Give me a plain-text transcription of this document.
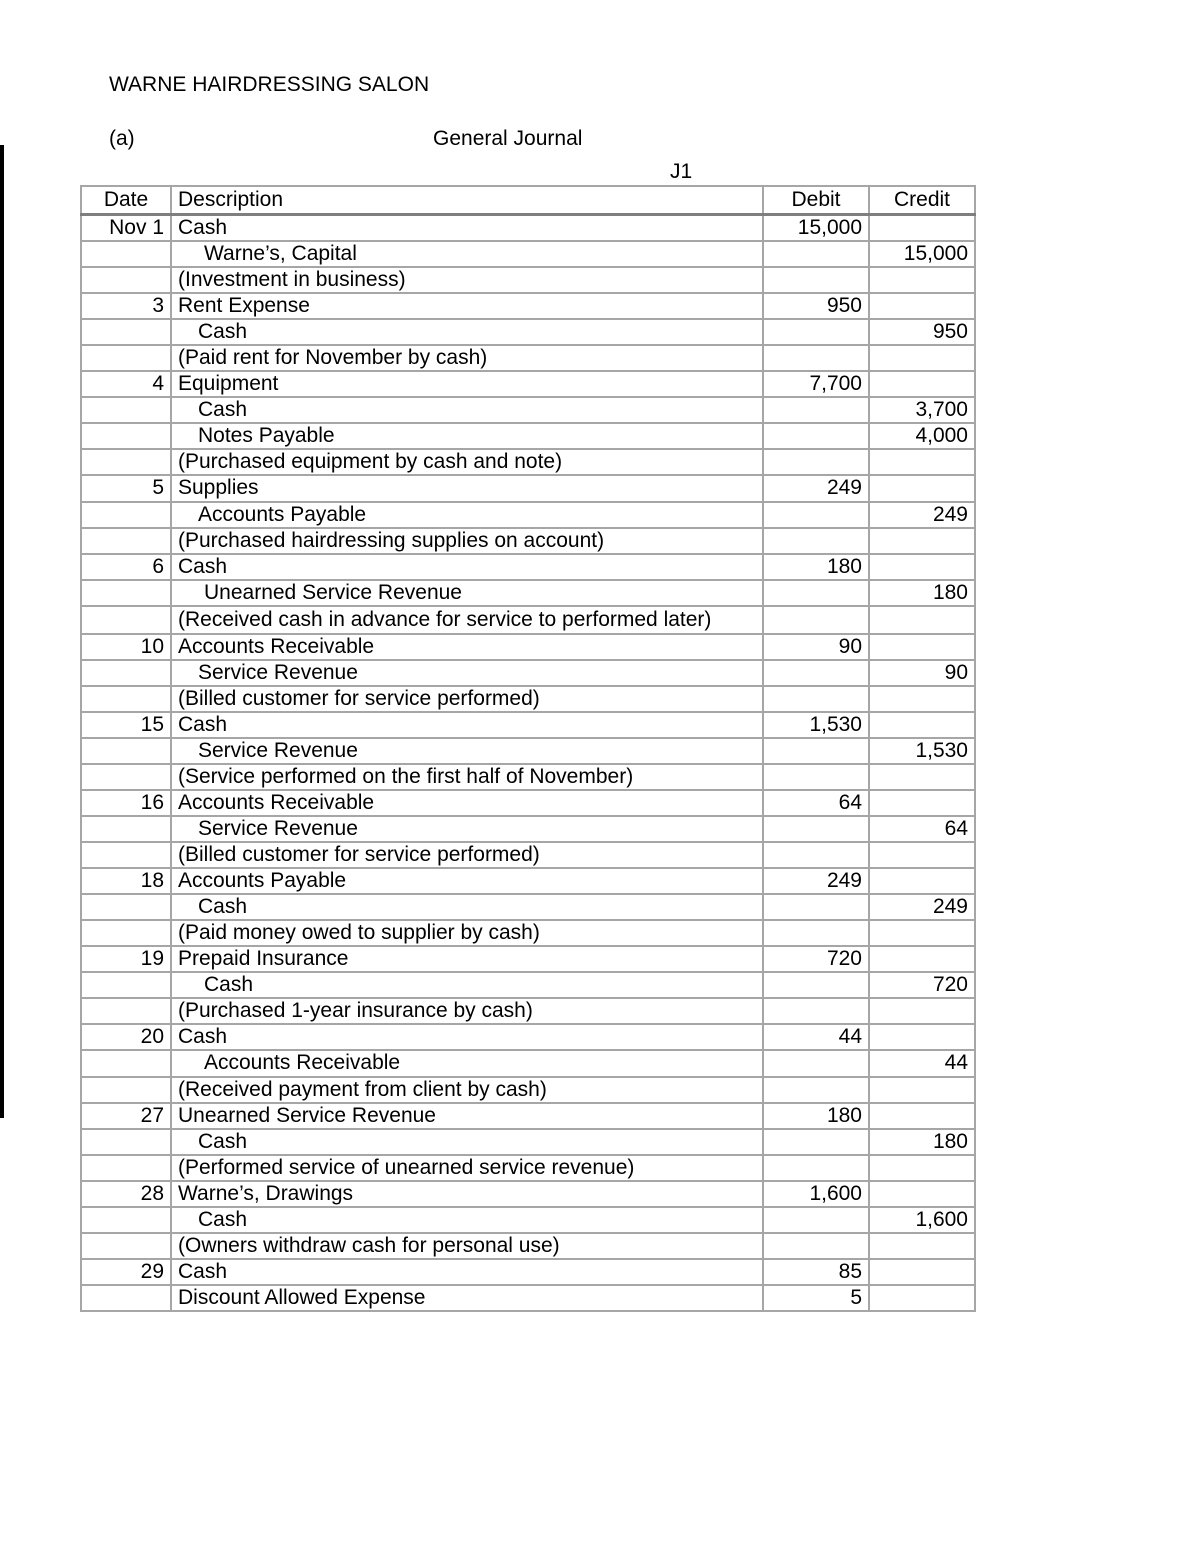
WARNE HAIRDRESSING SALON
(a)	General Journal
J1
Date	Description	Debit	Credit
Nov 1	Cash	15,000	
	Warne’s, Capital		15,000
	(Investment in business)		
3	Rent Expense	950	
	Cash		950
	(Paid rent for November by cash)		
4	Equipment	7,700	
	Cash		3,700
	Notes Payable		4,000
	(Purchased equipment by cash and note)		
5	Supplies	249	
	Accounts Payable		249
	(Purchased hairdressing supplies on account)		
6	Cash	180	
	Unearned Service Revenue		180
	(Received cash in advance for service to performed later)		
10	Accounts Receivable	90	
	Service Revenue		90
	(Billed customer for service performed)		
15	Cash	1,530	
	Service Revenue		1,530
	(Service performed on the first half of November)		
16	Accounts Receivable	64	
	Service Revenue		64
	(Billed customer for service performed)		
18	Accounts Payable	249	
	Cash		249
	(Paid money owed to supplier by cash)		
19	Prepaid Insurance	720	
	Cash		720
	(Purchased 1-year insurance by cash)		
20	Cash	44	
	Accounts Receivable		44
	(Received payment from client by cash)		
27	Unearned Service Revenue	180	
	Cash		180
	(Performed service of unearned service revenue)		
28	Warne’s, Drawings	1,600	
	Cash		1,600
	(Owners withdraw cash for personal use)		
29	Cash	85	
	Discount Allowed Expense	5	
